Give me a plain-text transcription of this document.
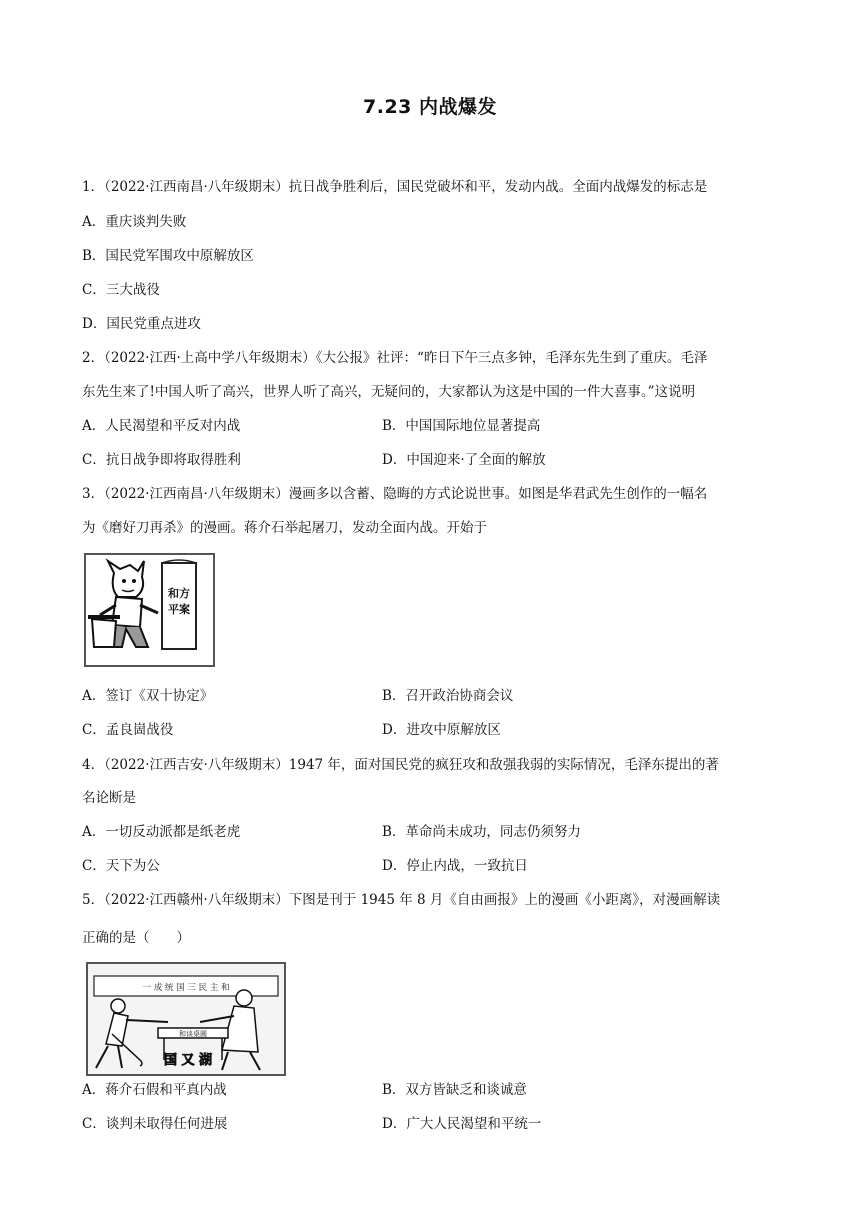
7.23 内战爆发
1．（2022·江西南昌·八年级期末）抗日战争胜利后，国民党破坏和平，发动内战。全面内战爆发的标志是
A．重庆谈判失败
B．国民党军围攻中原解放区
C．三大战役
D．国民党重点进攻
2．（2022·江西·上高中学八年级期末）《大公报》社评：“昨日下午三点多钟，毛泽东先生到了重庆。毛泽
东先生来了!中国人听了高兴，世界人听了高兴，无疑问的，大家都认为这是中国的一件大喜事。”这说明
A．人民渴望和平反对内战	B．中国国际地位显著提高
C．抗日战争即将取得胜利	D．中国迎来·了全面的解放
3．（2022·江西南昌·八年级期末）漫画多以含蓄、隐晦的方式论说世事。如图是华君武先生创作的一幅名
为《磨好刀再杀》的漫画。蒋介石举起屠刀，发动全面内战。开始于
和方
平案
A．签订《双十协定》	B．召开政治协商会议
C．孟良崮战役	D．进攻中原解放区
4．（2022·江西吉安·八年级期末）1947 年，面对国民党的疯狂攻和敌强我弱的实际情况，毛泽东提出的著
名论断是
A．一切反动派都是纸老虎	B．革命尚未成功，同志仍须努力
C．天下为公	D．停止内战，一致抗日
5．（2022·江西赣州·八年级期末）下图是刊于 1945 年 8 月《自由画报》上的漫画《小距离》，对漫画解读
正确的是（　　）
一 成 统 国 三 民 主 和
和谈桌圆
国 又 湖
A．蒋介石假和平真内战	B．双方皆缺乏和谈诚意
C．谈判未取得任何进展	D．广大人民渴望和平统一
